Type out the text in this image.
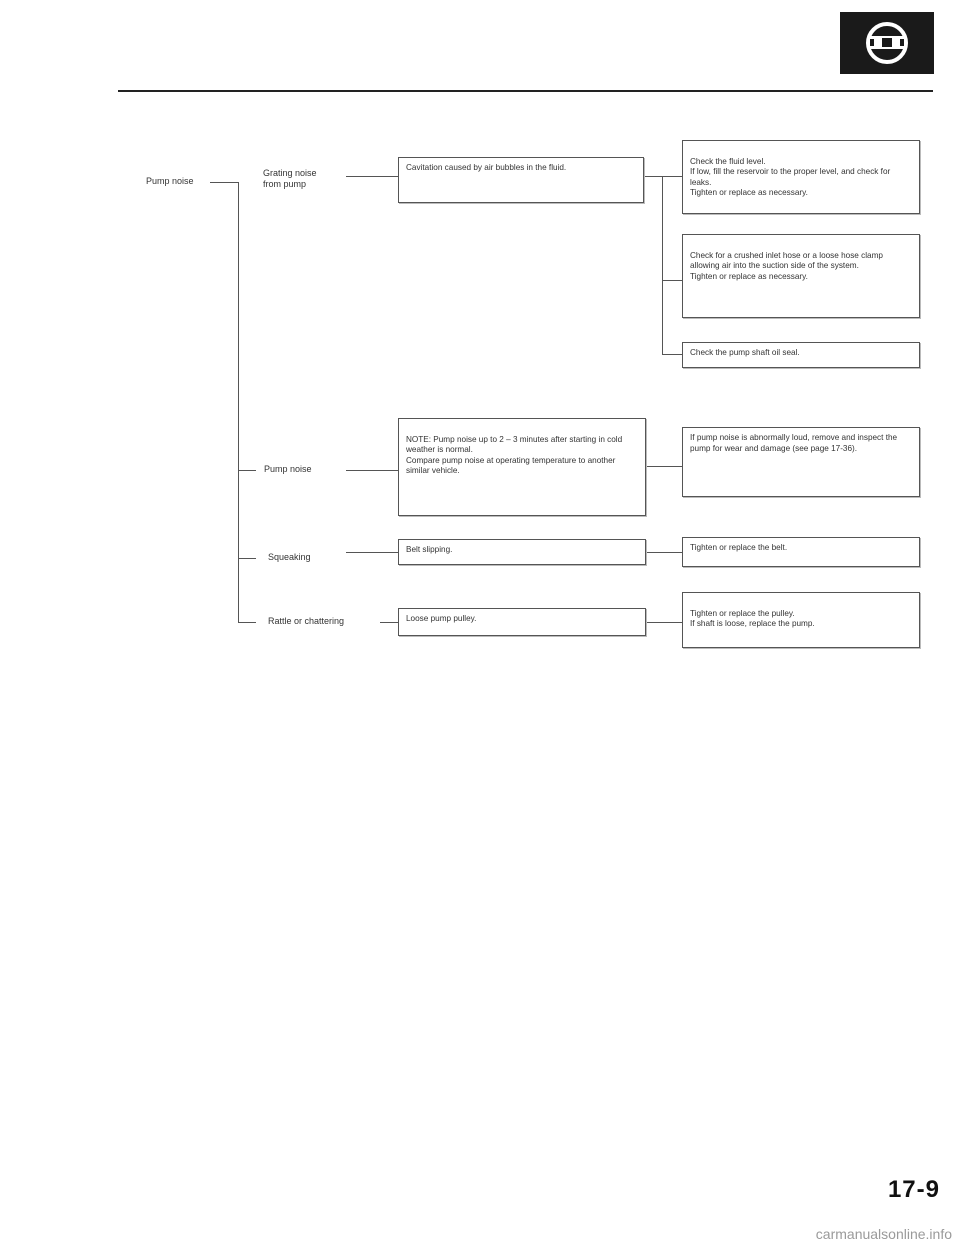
Pump noise
Grating noise
from pump
Pump noise
Squeaking
Rattle or chattering

Cavitation caused by air bubbles in the fluid.

NOTE: Pump noise up to 2 – 3 minutes after starting in cold weather is normal.
Compare pump noise at operating temperature to another similar vehicle.

Belt slipping.

Loose pump pulley.

Check the fluid level.
If low, fill the reservoir to the proper level, and check for leaks.
Tighten or replace as necessary.

Check for a crushed inlet hose or a loose hose clamp allowing air into the suction side of the system.
Tighten or replace as necessary.

Check the pump shaft oil seal.

If pump noise is abnormally loud, remove and inspect the pump for wear and damage (see page 17-36).

Tighten or replace the belt.

Tighten or replace the pulley.
If shaft is loose, replace the pump.

17-9
carmanualsonline.info
